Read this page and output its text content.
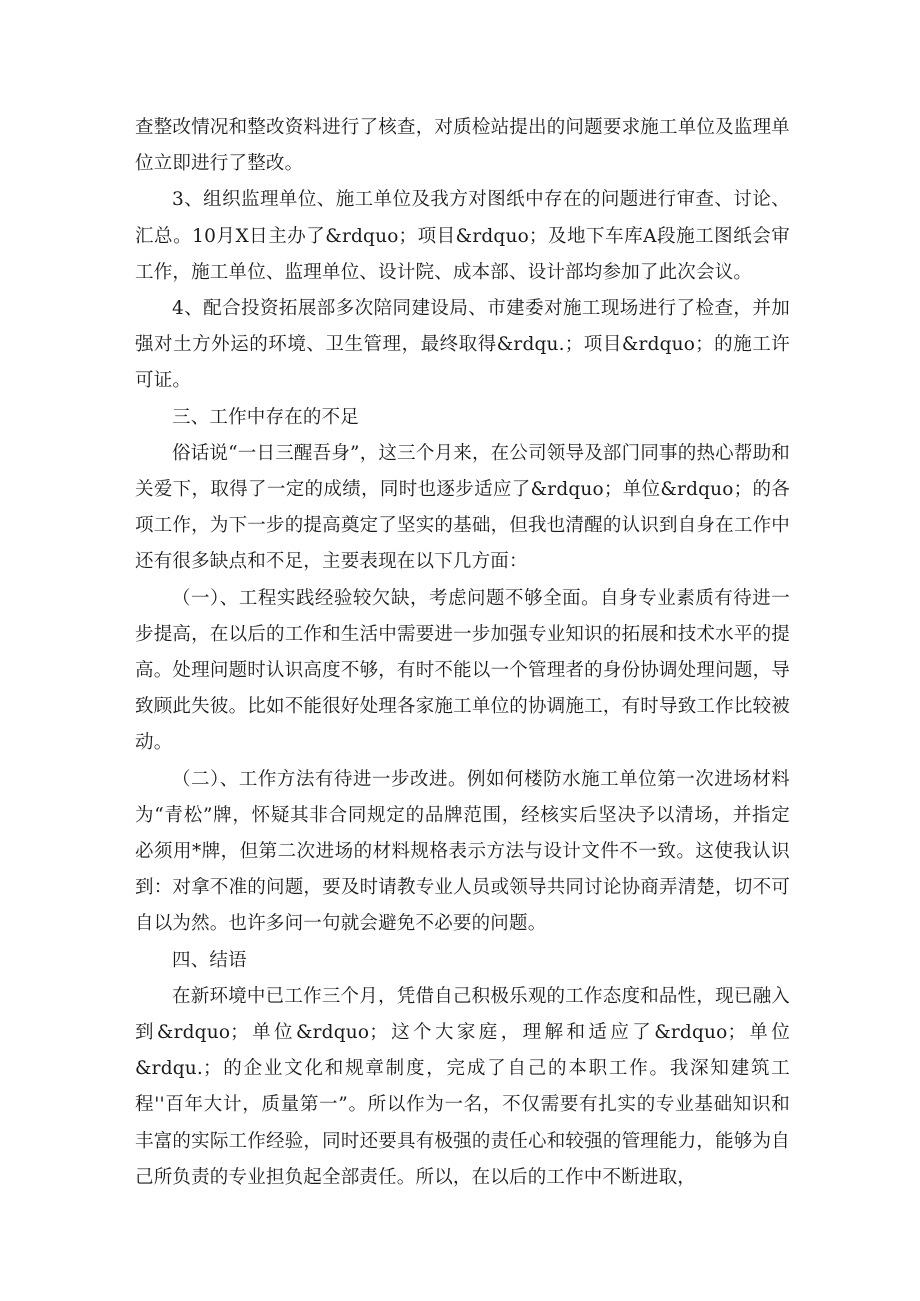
查整改情况和整改资料进行了核查，对质检站提出的问题要求施工单位及监理单位立即进行了整改。

3、组织监理单位、施工单位及我方对图纸中存在的问题进行审查、讨论、汇总。10月X日主办了&rdquo；项目&rdquo；及地下车库A段施工图纸会审工作，施工单位、监理单位、设计院、成本部、设计部均参加了此次会议。

4、配合投资拓展部多次陪同建设局、市建委对施工现场进行了检查，并加强对土方外运的环境、卫生管理，最终取得&rdqu.；项目&rdquo；的施工许可证。

三、工作中存在的不足

俗话说“一日三醒吾身”，这三个月来，在公司领导及部门同事的热心帮助和关爱下，取得了一定的成绩，同时也逐步适应了&rdquo；单位&rdquo；的各项工作，为下一步的提高奠定了坚实的基础，但我也清醒的认识到自身在工作中还有很多缺点和不足，主要表现在以下几方面：

（一）、工程实践经验较欠缺，考虑问题不够全面。自身专业素质有待进一步提高，在以后的工作和生活中需要进一步加强专业知识的拓展和技术水平的提高。处理问题时认识高度不够，有时不能以一个管理者的身份协调处理问题，导致顾此失彼。比如不能很好处理各家施工单位的协调施工，有时导致工作比较被动。

（二）、工作方法有待进一步改进。例如何楼防水施工单位第一次进场材料为“青松”牌，怀疑其非合同规定的品牌范围，经核实后坚决予以清场，并指定必须用*牌，但第二次进场的材料规格表示方法与设计文件不一致。这使我认识到：对拿不准的问题，要及时请教专业人员或领导共同讨论协商弄清楚，切不可自以为然。也许多问一句就会避免不必要的问题。

四、结语

在新环境中已工作三个月，凭借自己积极乐观的工作态度和品性，现已融入到&rdquo；单位&rdquo；这个大家庭，理解和适应了&rdquo；单位&rdqu.；的企业文化和规章制度，完成了自己的本职工作。我深知建筑工程''百年大计，质量第一”。所以作为一名，不仅需要有扎实的专业基础知识和丰富的实际工作经验，同时还要具有极强的责任心和较强的管理能力，能够为自己所负责的专业担负起全部责任。所以，在以后的工作中不断进取，
